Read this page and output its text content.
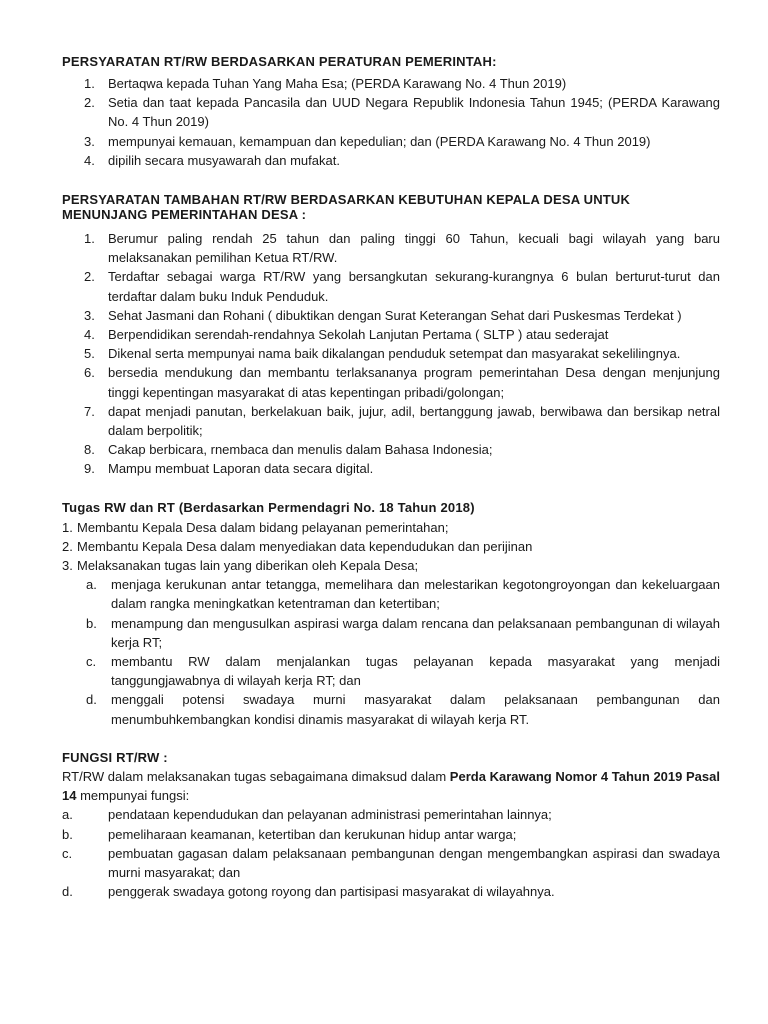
PERSYARATAN RT/RW BERDASARKAN PERATURAN PEMERINTAH:

1.	Bertaqwa kepada Tuhan Yang Maha Esa; (PERDA Karawang No. 4 Thun 2019)
2.	Setia dan taat kepada Pancasila dan UUD Negara Republik Indonesia Tahun 1945; (PERDA Karawang No. 4 Thun 2019)
3.	mempunyai kemauan, kemampuan dan kepedulian; dan (PERDA Karawang No. 4 Thun 2019)
4.	dipilih secara musyawarah dan mufakat.

PERSYARATAN TAMBAHAN RT/RW BERDASARKAN KEBUTUHAN KEPALA DESA UNTUK

MENUNJANG PEMERINTAHAN DESA :

1.	Berumur paling rendah 25 tahun dan paling tinggi 60 Tahun, kecuali bagi wilayah yang baru melaksanakan pemilihan Ketua RT/RW.
2.	Terdaftar sebagai warga RT/RW yang bersangkutan sekurang-kurangnya 6 bulan berturut-turut dan terdaftar dalam buku Induk Penduduk.
3.	Sehat Jasmani dan Rohani ( dibuktikan dengan Surat Keterangan Sehat dari Puskesmas Terdekat )
4.	Berpendidikan serendah-rendahnya Sekolah Lanjutan Pertama ( SLTP ) atau sederajat
5.	Dikenal serta mempunyai nama baik dikalangan penduduk setempat dan masyarakat sekelilingnya.
6.	bersedia mendukung dan membantu terlaksananya program pemerintahan Desa dengan menjunjung tinggi kepentingan masyarakat di atas kepentingan pribadi/golongan;
7.	dapat menjadi panutan, berkelakuan baik, jujur, adil, bertanggung jawab, berwibawa dan bersikap netral dalam berpolitik;
8.	Cakap berbicara, rnembaca dan menulis dalam Bahasa Indonesia;
9.	Mampu membuat Laporan data secara digital.

Tugas RW dan RT (Berdasarkan Permendagri No. 18 Tahun 2018)

1. Membantu Kepala Desa dalam bidang pelayanan pemerintahan;
2. Membantu Kepala Desa dalam menyediakan data kependudukan dan perijinan
3. Melaksanakan tugas lain yang diberikan oleh Kepala Desa;
a.	menjaga kerukunan antar tetangga, memelihara dan melestarikan kegotongroyongan dan kekeluargaan dalam rangka meningkatkan ketentraman dan ketertiban;
b.	menampung dan mengusulkan aspirasi warga dalam rencana dan pelaksanaan pembangunan di wilayah kerja RT;
c.	membantu RW dalam menjalankan tugas pelayanan kepada masyarakat yang menjadi tanggungjawabnya di wilayah kerja RT; dan
d.	menggali potensi swadaya murni masyarakat dalam pelaksanaan pembangunan dan menumbuhkembangkan kondisi dinamis masyarakat di wilayah kerja RT.

FUNGSI RT/RW :

RT/RW dalam melaksanakan tugas sebagaimana dimaksud dalam Perda Karawang Nomor 4 Tahun 2019 Pasal 14 mempunyai fungsi:

a.	pendataan kependudukan dan pelayanan administrasi pemerintahan lainnya;
b.	pemeliharaan keamanan, ketertiban dan kerukunan hidup antar warga;
c.	pembuatan gagasan dalam pelaksanaan pembangunan dengan mengembangkan aspirasi dan swadaya murni masyarakat; dan
d.	penggerak swadaya gotong royong dan partisipasi masyarakat di wilayahnya.
